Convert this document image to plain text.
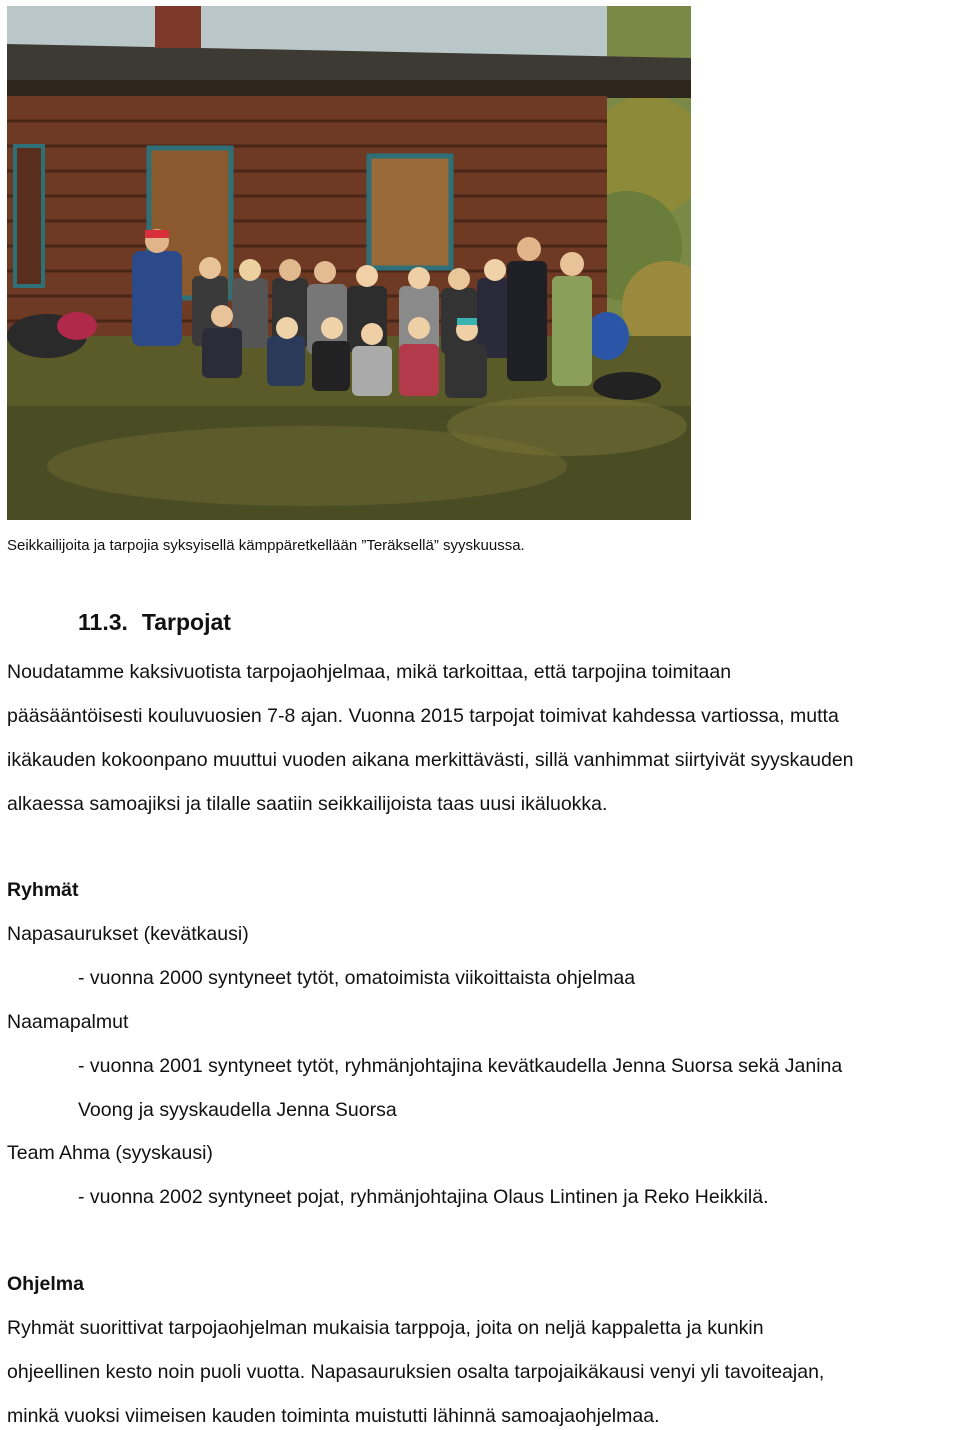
Seikkailijoita ja tarpojia syksyisellä kämppäretkellään ”Teräksellä” syyskuussa.
11.3. Tarpojat
Noudatamme kaksivuotista tarpojaohjelmaa, mikä tarkoittaa, että tarpojina toimitaan
pääsääntöisesti kouluvuosien 7-8 ajan. Vuonna 2015 tarpojat toimivat kahdessa vartiossa, mutta
ikäkauden kokoonpano muuttui vuoden aikana merkittävästi, sillä vanhimmat siirtyivät syyskauden
alkaessa samoajiksi ja tilalle saatiin seikkailijoista taas uusi ikäluokka.
Ryhmät
Napasaurukset (kevätkausi)
- vuonna 2000 syntyneet tytöt, omatoimista viikoittaista ohjelmaa
Naamapalmut
- vuonna 2001 syntyneet tytöt, ryhmänjohtajina kevätkaudella Jenna Suorsa sekä Janina
Voong ja syyskaudella Jenna Suorsa
Team Ahma (syyskausi)
- vuonna 2002 syntyneet pojat, ryhmänjohtajina Olaus Lintinen ja Reko Heikkilä.
Ohjelma
Ryhmät suorittivat tarpojaohjelman mukaisia tarppoja, joita on neljä kappaletta ja kunkin
ohjeellinen kesto noin puoli vuotta. Napasauruksien osalta tarpojaikäkausi venyi yli tavoiteajan,
minkä vuoksi viimeisen kauden toiminta muistutti lähinnä samoajaohjelmaa.
